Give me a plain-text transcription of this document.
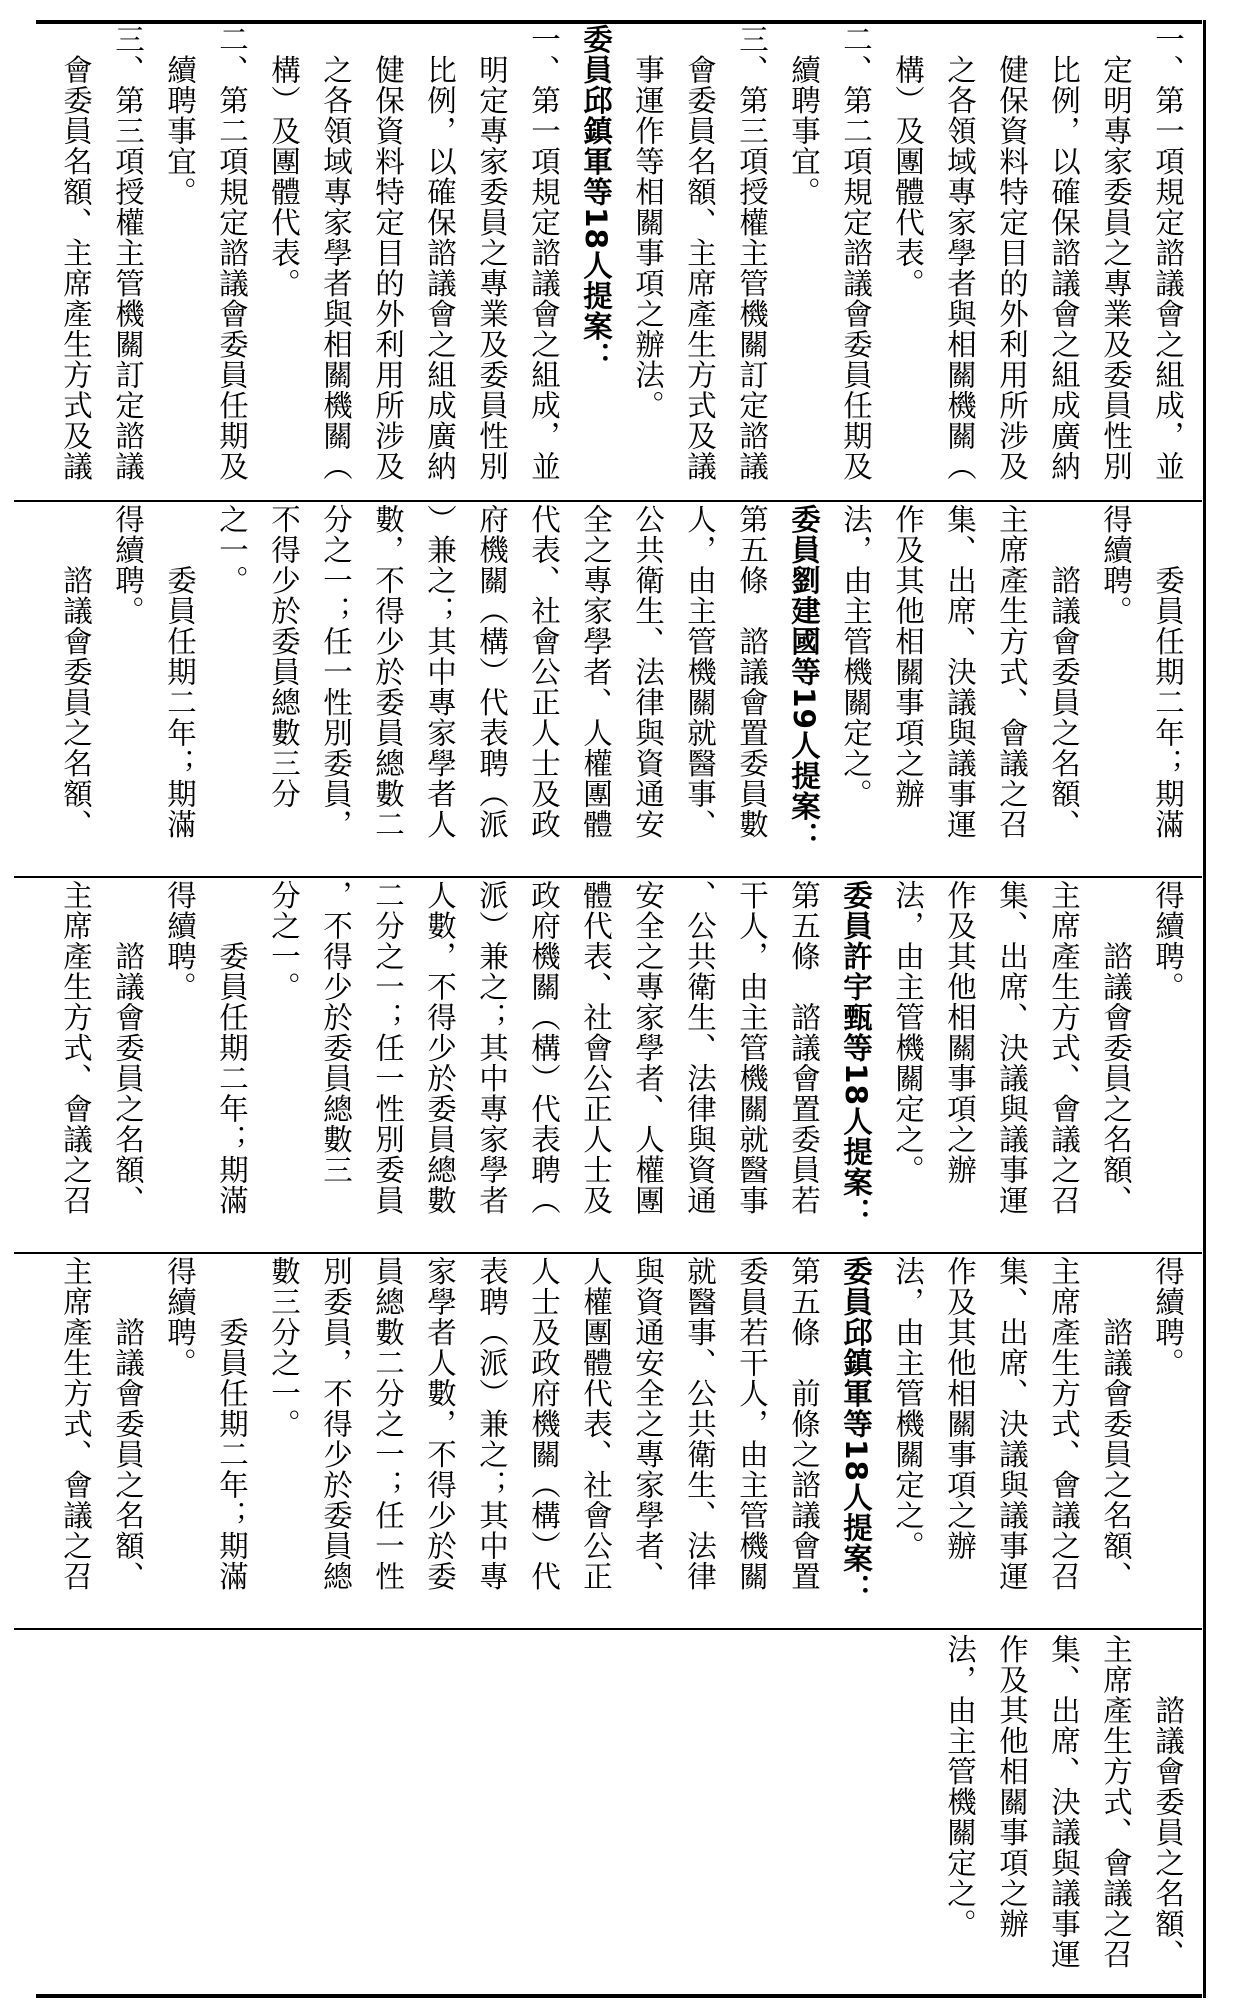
一、第一項規定諮議會之組成，並
　定明專家委員之專業及委員性別
　比例，以確保諮議會之組成廣納
　健保資料特定目的外利用所涉及
　之各領域專家學者與相關機關（
　構）及團體代表。
二、第二項規定諮議會委員任期及
　續聘事宜。
三、第三項授權主管機關訂定諮議
　會委員名額、主席產生方式及議
　事運作等相關事項之辦法。
委員邱鎮軍等18人提案：
一、第一項規定諮議會之組成，並
　明定專家委員之專業及委員性別
　比例，以確保諮議會之組成廣納
　健保資料特定目的外利用所涉及
　之各領域專家學者與相關機關（
　構）及團體代表。
二、第二項規定諮議會委員任期及
　續聘事宜。
三、第三項授權主管機關訂定諮議
　會委員名額、主席產生方式及議
　　委員任期二年；期滿
得續聘。
　　諮議會委員之名額、
主席產生方式、會議之召
集、出席、決議與議事運
作及其他相關事項之辦
法，由主管機關定之。
委員劉建國等19人提案：
第五條　諮議會置委員數
人，由主管機關就醫事、
公共衛生、法律與資通安
全之專家學者、人權團體
代表、社會公正人士及政
府機關（構）代表聘（派
）兼之；其中專家學者人
數，不得少於委員總數二
分之一；任一性別委員，
不得少於委員總數三分
之一。
　　委員任期二年；期滿
得續聘。
　　諮議會委員之名額、
得續聘。
　　諮議會委員之名額、
主席產生方式、會議之召
集、出席、決議與議事運
作及其他相關事項之辦
法，由主管機關定之。
委員許宇甄等18人提案：
第五條　諮議會置委員若
干人，由主管機關就醫事
、公共衛生、法律與資通
安全之專家學者、人權團
體代表、社會公正人士及
政府機關（構）代表聘（
派）兼之；其中專家學者
人數，不得少於委員總數
二分之一；任一性別委員
，不得少於委員總數三
分之一。
　　委員任期二年；期滿
得續聘。
　　諮議會委員之名額、
主席產生方式、會議之召
得續聘。
　　諮議會委員之名額、
主席產生方式、會議之召
集、出席、決議與議事運
作及其他相關事項之辦
法，由主管機關定之。
委員邱鎮軍等18人提案：
第五條　前條之諮議會置
委員若干人，由主管機關
就醫事、公共衛生、法律
與資通安全之專家學者、
人權團體代表、社會公正
人士及政府機關（構）代
表聘（派）兼之；其中專
家學者人數，不得少於委
員總數二分之一；任一性
別委員，不得少於委員總
數三分之一。
　　委員任期二年；期滿
得續聘。
　　諮議會委員之名額、
主席產生方式、會議之召
　　諮議會委員之名額、
主席產生方式、會議之召
集、出席、決議與議事運
作及其他相關事項之辦
法，由主管機關定之。
